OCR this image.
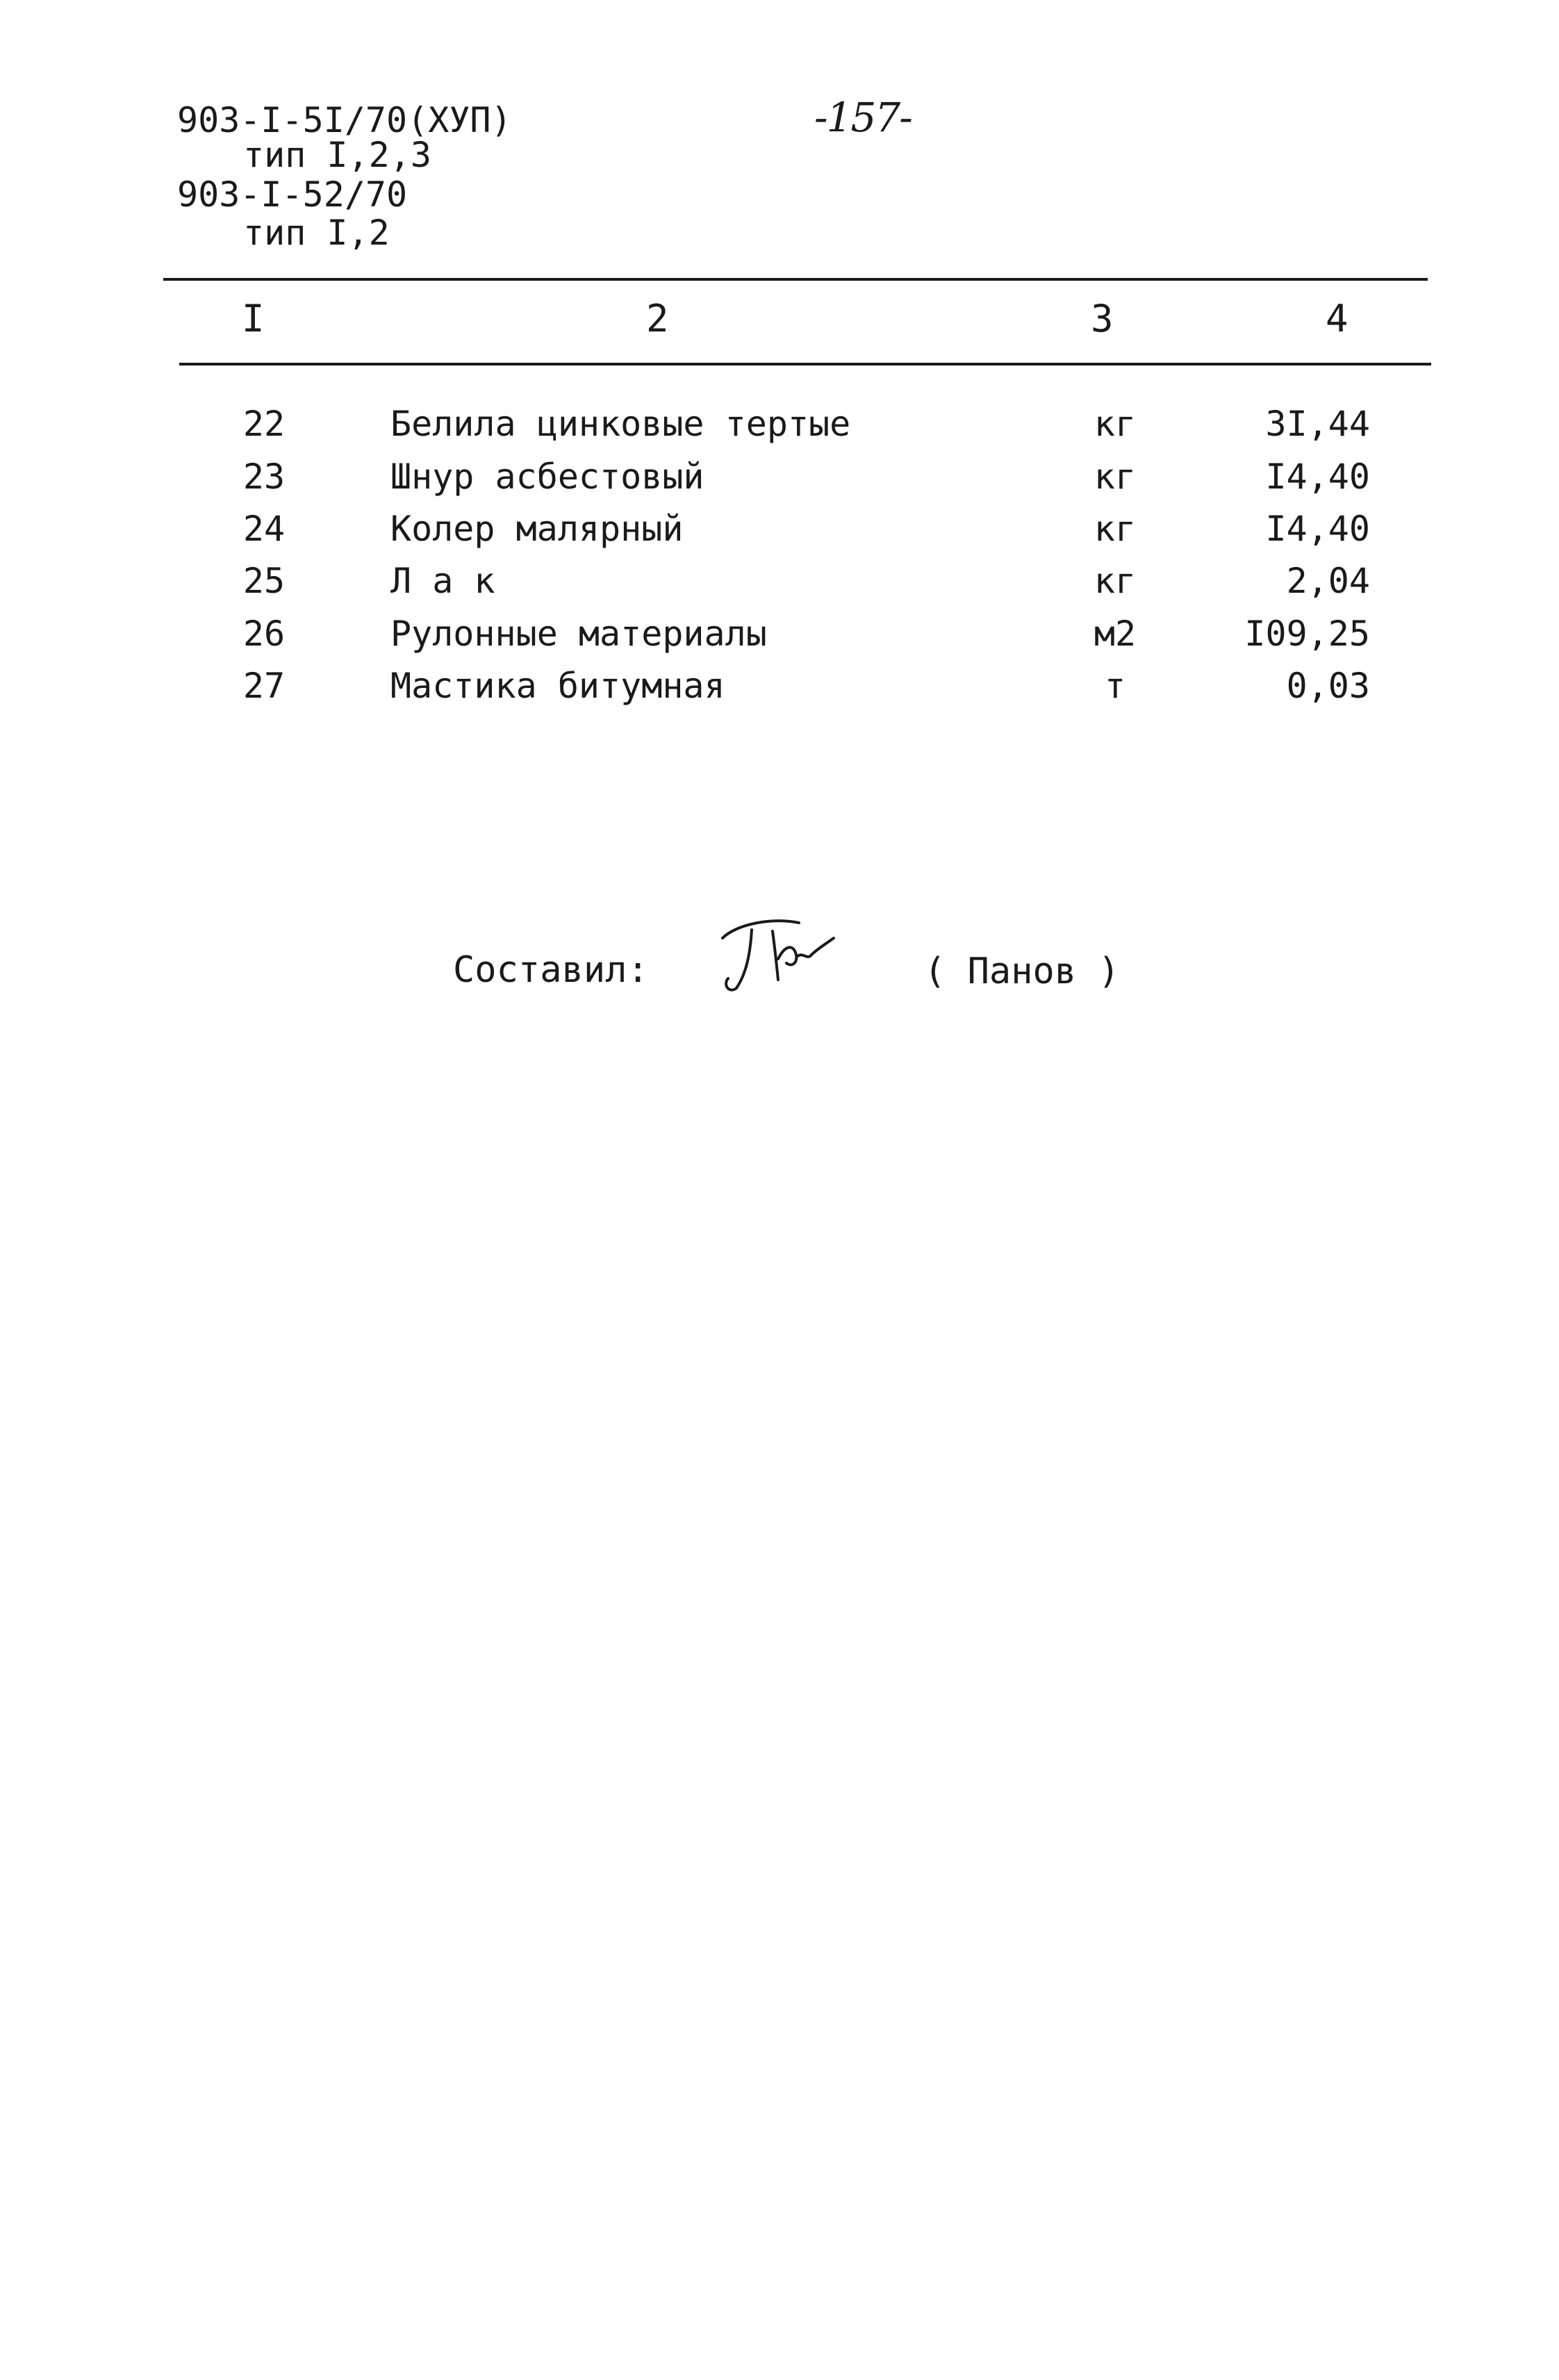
903-I-5I/70(XУП)
тип I,2,3
903-I-52/70
тип I,2
-157-
I	2	3	4
22	Белила цинковые тертые	кг	3I,44
23	Шнур асбестовый	кг	I4,40
24	Колер малярный	кг	I4,40
25	Л а к	кг	2,04
26	Рулонные материалы	м2	I09,25
27	Мастика битумная	т	0,03
Составил:	( Панов )
